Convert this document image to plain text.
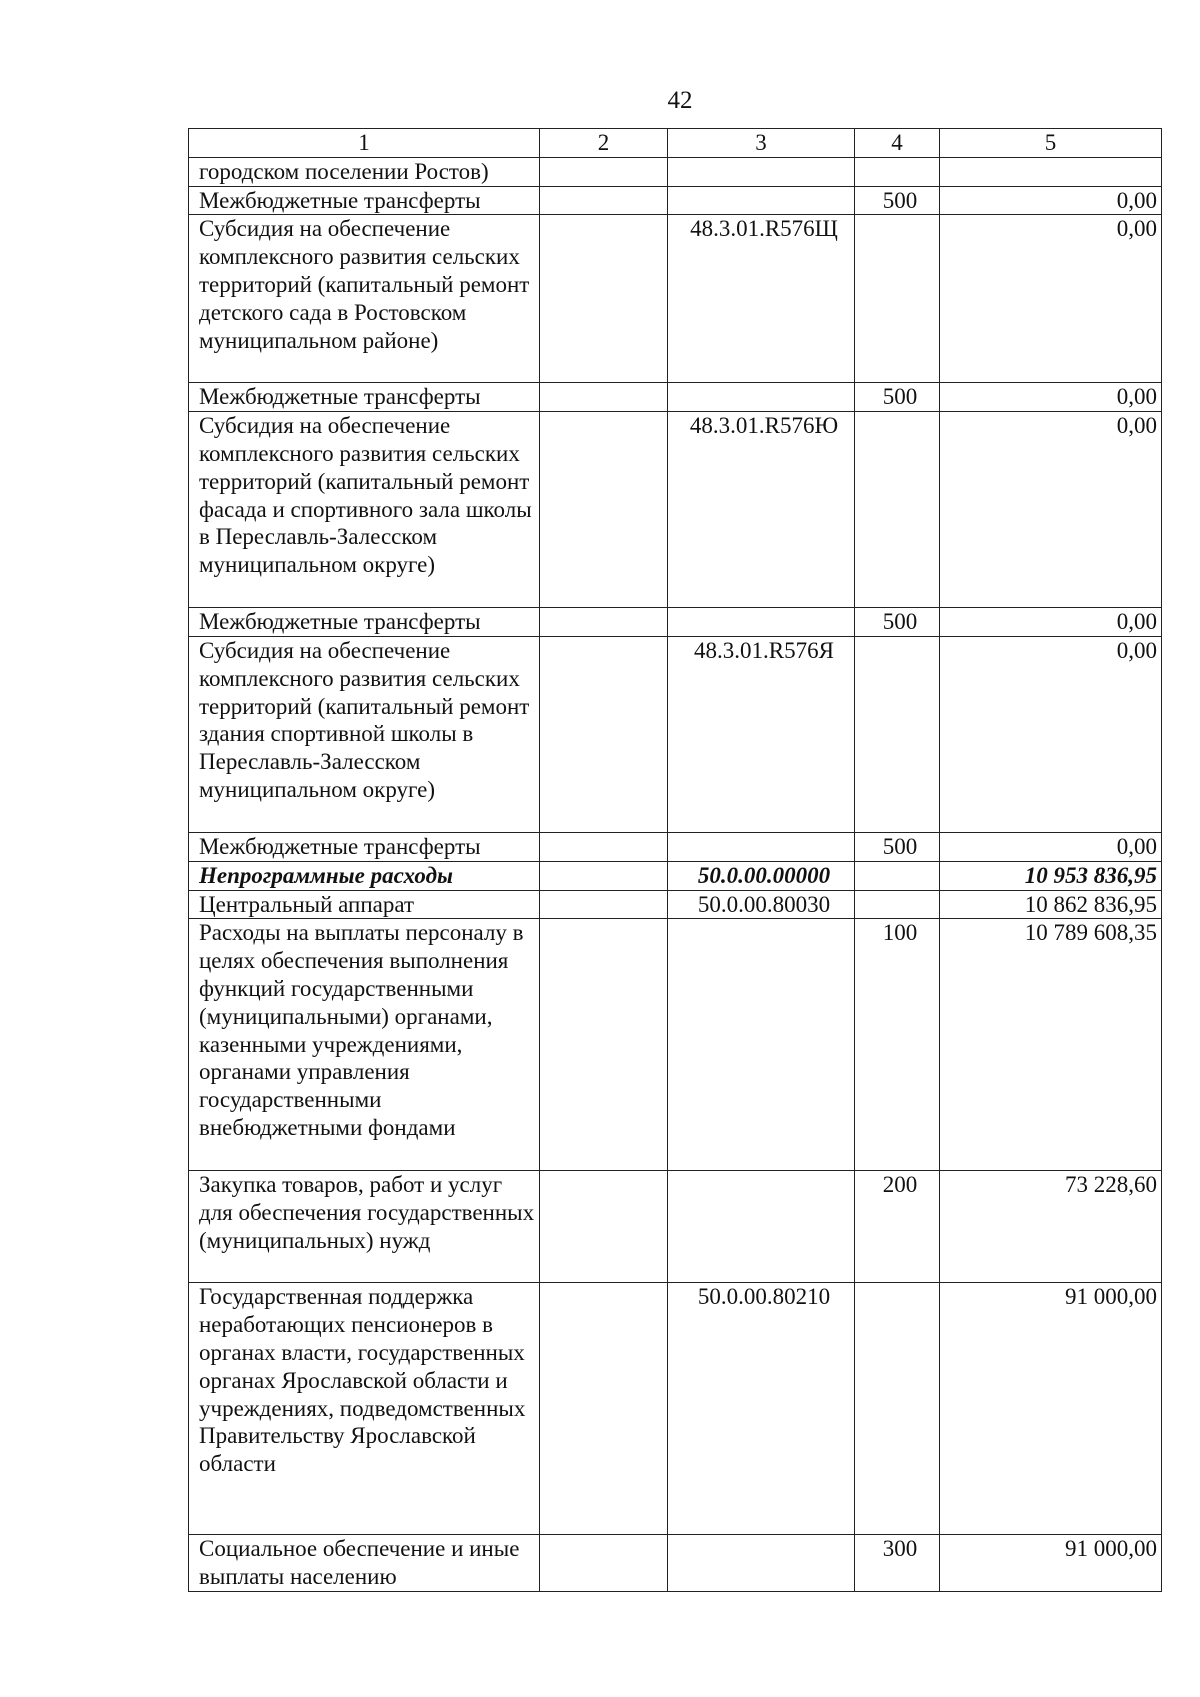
42
1	2	3	4	5
городском поселении Ростов)				
Межбюджетные трансферты			500	0,00
Субсидия на обеспечение комплексного развития сельских территорий (капитальный ремонт детского сада в Ростовском муниципальном районе)		48.3.01.R576Щ		0,00
Межбюджетные трансферты			500	0,00
Субсидия на обеспечение комплексного развития сельских территорий (капитальный ремонт фасада и спортивного зала школы в Переславль-Залесском муниципальном округе)		48.3.01.R576Ю		0,00
Межбюджетные трансферты			500	0,00
Субсидия на обеспечение комплексного развития сельских территорий (капитальный ремонт здания спортивной школы в Переславль-Залесском муниципальном округе)		48.3.01.R576Я		0,00
Межбюджетные трансферты			500	0,00
Непрограммные расходы		50.0.00.00000		10 953 836,95
Центральный аппарат		50.0.00.80030		10 862 836,95
Расходы на выплаты персоналу в целях обеспечения выполнения функций государственными (муниципальными) органами, казенными учреждениями, органами управления государственными внебюджетными фондами			100	10 789 608,35
Закупка товаров, работ и услуг для обеспечения государственных (муниципальных) нужд			200	73 228,60
Государственная поддержка неработающих пенсионеров в органах власти, государственных органах Ярославской области и учреждениях, подведомственных Правительству Ярославской области		50.0.00.80210		91 000,00
Социальное обеспечение и иные выплаты населению			300	91 000,00
